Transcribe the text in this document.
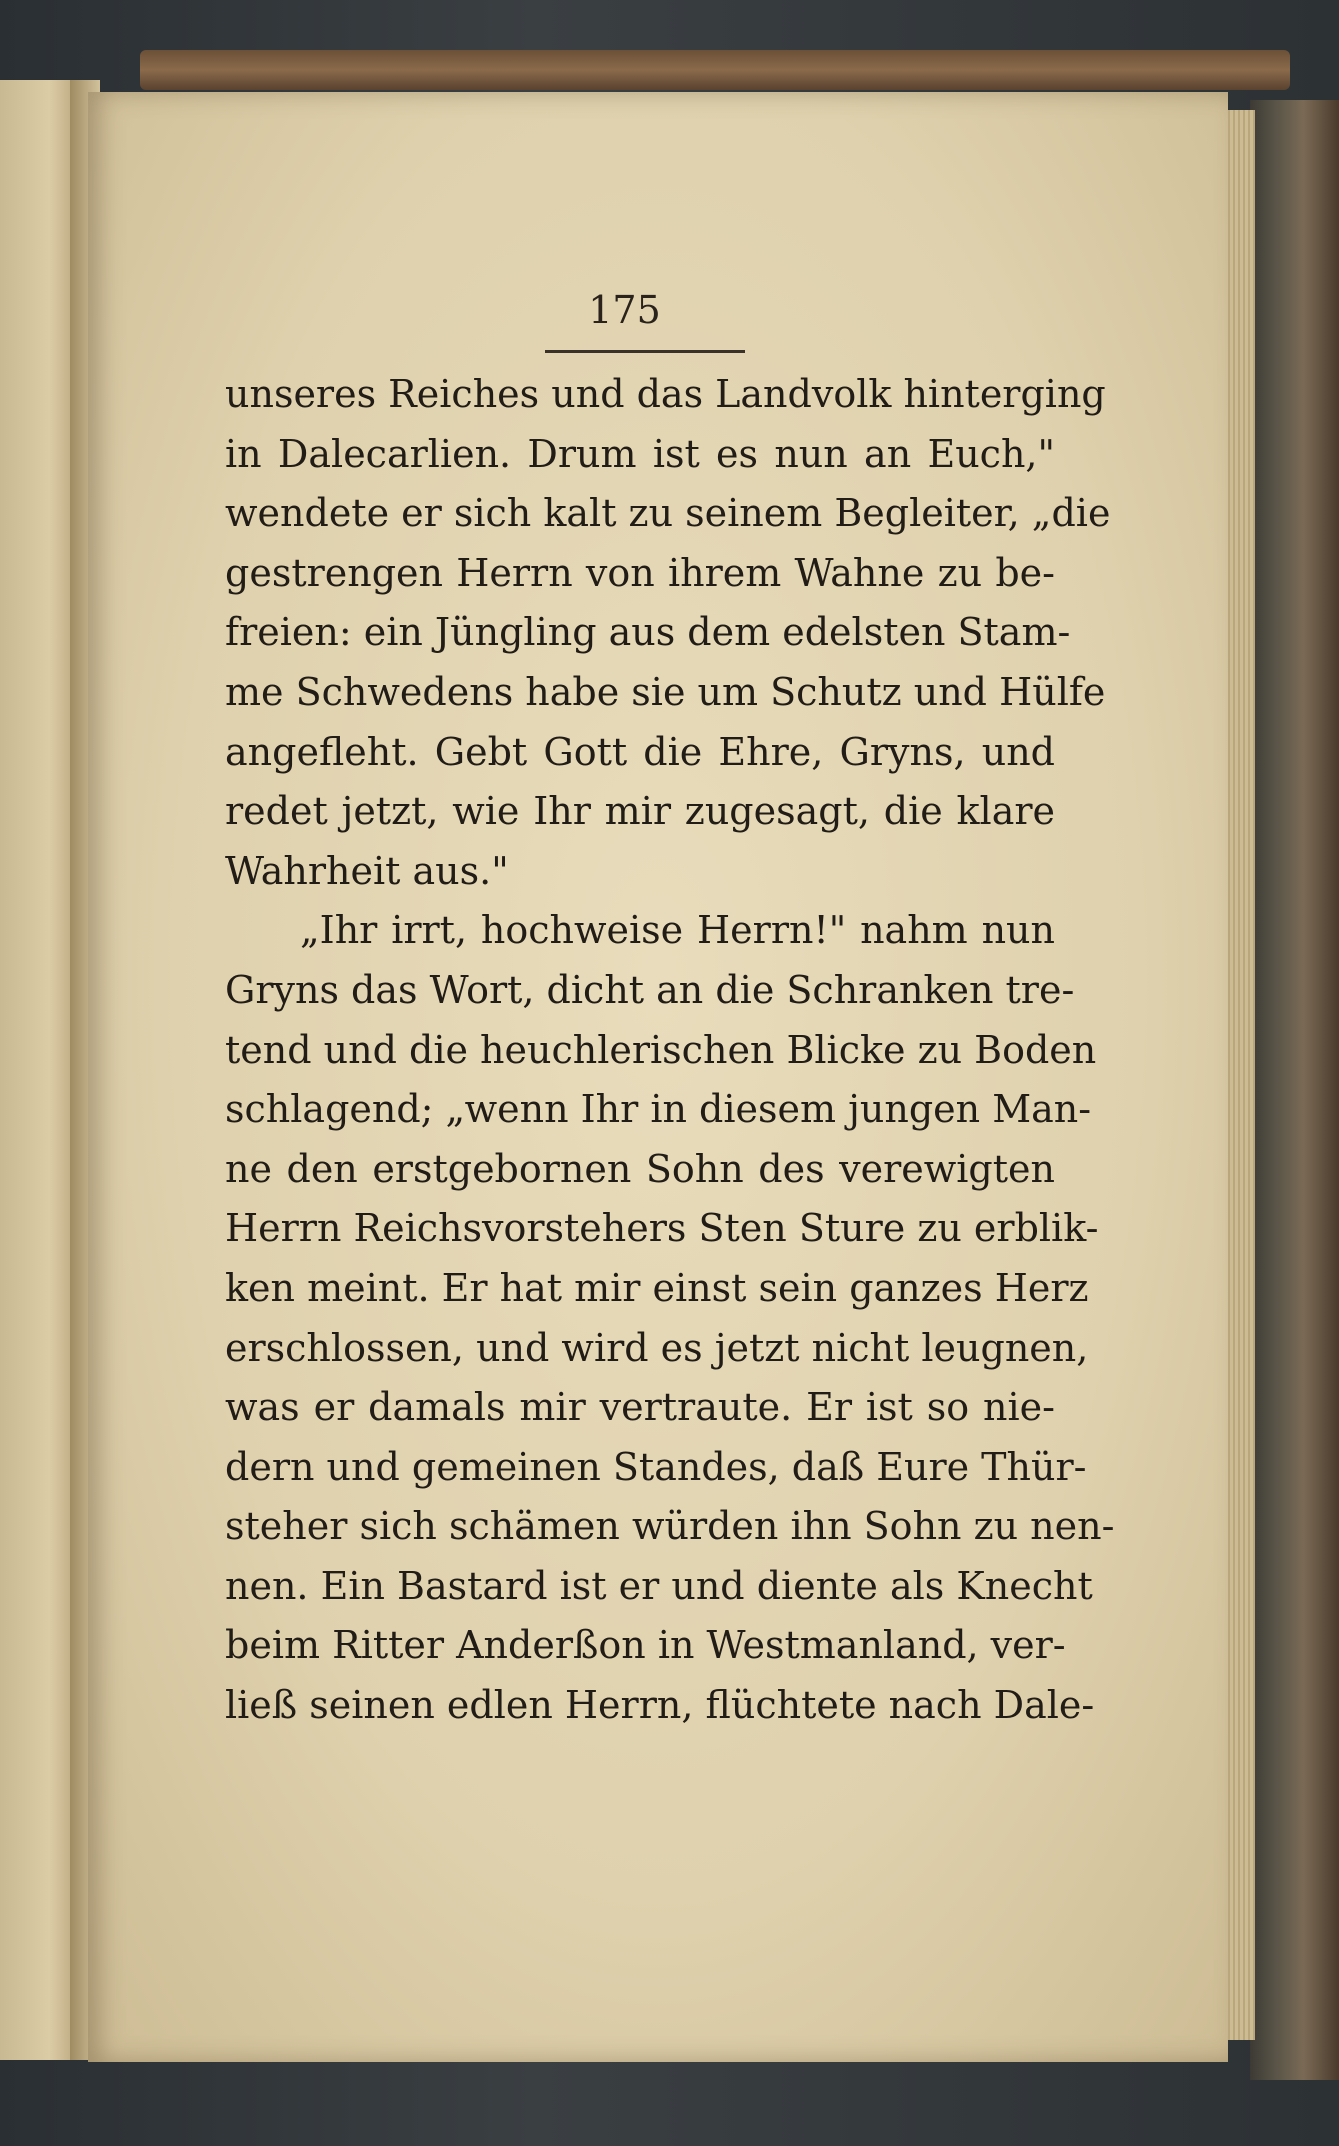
175
unseres Reiches und das Landvolk hinterging
in Dalecarlien. Drum ist es nun an Euch,"
wendete er sich kalt zu seinem Begleiter, „die
gestrengen Herrn von ihrem Wahne zu be-
freien: ein Jüngling aus dem edelsten Stam-
me Schwedens habe sie um Schutz und Hülfe
angefleht. Gebt Gott die Ehre, Gryns, und
redet jetzt, wie Ihr mir zugesagt, die klare
Wahrheit aus."
„Ihr irrt, hochweise Herrn!" nahm nun
Gryns das Wort, dicht an die Schranken tre-
tend und die heuchlerischen Blicke zu Boden
schlagend; „wenn Ihr in diesem jungen Man-
ne den erstgebornen Sohn des verewigten
Herrn Reichsvorstehers Sten Sture zu erblik-
ken meint. Er hat mir einst sein ganzes Herz
erschlossen, und wird es jetzt nicht leugnen,
was er damals mir vertraute. Er ist so nie-
dern und gemeinen Standes, daß Eure Thür-
steher sich schämen würden ihn Sohn zu nen-
nen. Ein Bastard ist er und diente als Knecht
beim Ritter Anderßon in Westmanland, ver-
ließ seinen edlen Herrn, flüchtete nach Dale-
